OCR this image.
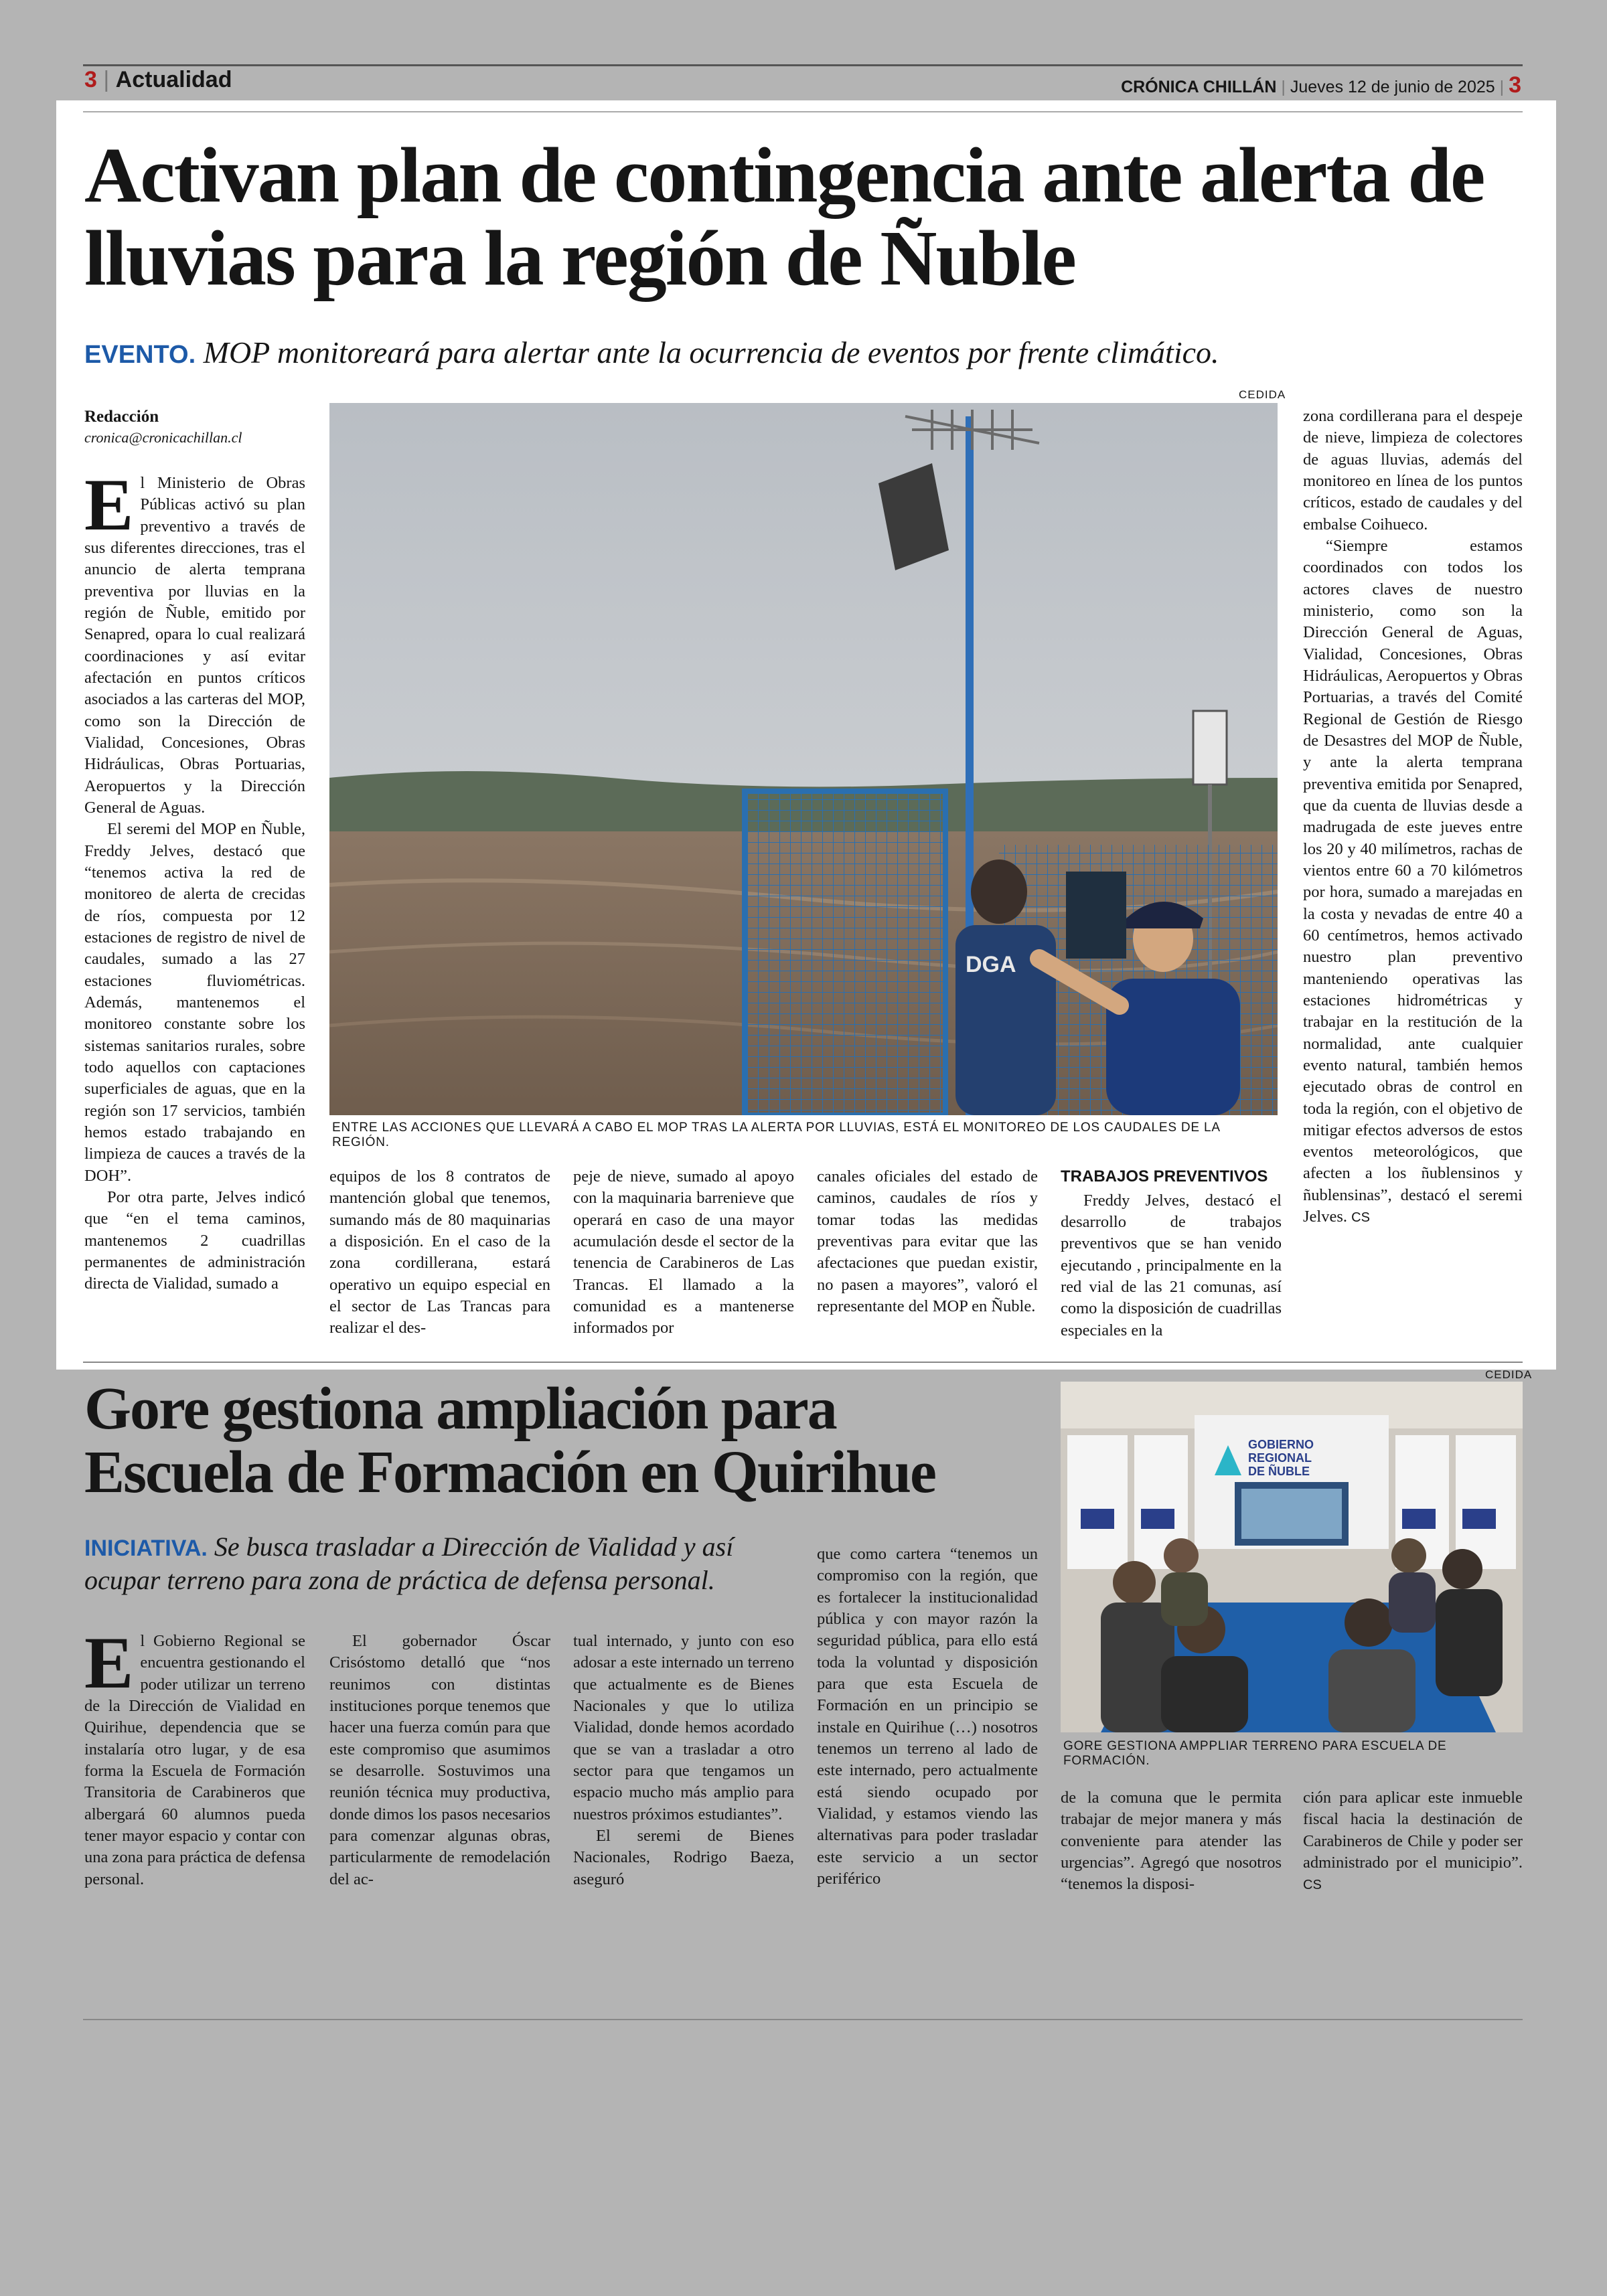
3 | Actualidad	CRÓNICA CHILLÁN | Jueves 12 de junio de 2025 | 3
Activan plan de contingencia ante alerta de lluvias para la región de Ñuble
EVENTO. MOP monitoreará para alertar ante la ocurrencia de eventos por frente climático.
Redacción
cronica@cronicachillan.cl

El Ministerio de Obras Públicas activó su plan preventivo a través de sus diferentes direcciones, tras el anuncio de alerta temprana preventiva por lluvias en la región de Ñuble, emitido por Senapred, opara lo cual realizará coordinaciones y así evitar afectación en puntos críticos asociados a las carteras del MOP, como son la Dirección de Vialidad, Concesiones, Obras Hidráulicas, Obras Portuarias, Aeropuertos y la Dirección General de Aguas.

El seremi del MOP en Ñuble, Freddy Jelves, destacó que “tenemos activa la red de monitoreo de alerta de crecidas de ríos, compuesta por 12 estaciones de registro de nivel de caudales, sumado a las 27 estaciones fluviométricas. Además, mantenemos el monitoreo constante sobre los sistemas sanitarios rurales, sobre todo aquellos con captaciones superficiales de aguas, que en la región son 17 servicios, también hemos estado trabajando en limpieza de cauces a través de la DOH”.

Por otra parte, Jelves indicó que “en el tema caminos, mantenemos 2 cuadrillas permanentes de administración directa de Vialidad, sumado a

CEDIDA
DGA
ENTRE LAS ACCIONES QUE LLEVARÁ A CABO EL MOP TRAS LA ALERTA POR LLUVIAS, ESTÁ EL MONITOREO DE LOS CAUDALES DE LA REGIÓN.

equipos de los 8 contratos de mantención global que tenemos, sumando más de 80 maquinarias a disposición. En el caso de la zona cordillerana, estará operativo un equipo especial en el sector de Las Trancas para realizar el des-

peje de nieve, sumado al apoyo con la maquinaria barrenieve que operará en caso de una mayor acumulación desde el sector de la tenencia de Carabineros de Las Trancas. El llamado a la comunidad es a mantenerse informados por

canales oficiales del estado de caminos, caudales de ríos y tomar todas las medidas preventivas para evitar que las afectaciones que puedan existir, no pasen a mayores”, valoró el representante del MOP en Ñuble.

TRABAJOS PREVENTIVOS

Freddy Jelves, destacó el desarrollo de trabajos preventivos que se han venido ejecutando , principalmente en la red vial de las 21 comunas, así como la disposición de cuadrillas especiales en la

zona cordillerana para el despeje de nieve, limpieza de colectores de aguas lluvias, además del monitoreo en línea de los puntos críticos, estado de caudales y del embalse Coihueco.

“Siempre estamos coordinados con todos los actores claves de nuestro ministerio, como son la Dirección General de Aguas, Vialidad, Concesiones, Obras Hidráulicas, Aeropuertos y Obras Portuarias, a través del Comité Regional de Gestión de Riesgo de Desastres del MOP de Ñuble, y ante la alerta temprana preventiva emitida por Senapred, que da cuenta de lluvias desde a madrugada de este jueves entre los 20 y 40 milímetros, rachas de vientos entre 60 a 70 kilómetros por hora, sumado a marejadas en la costa y nevadas de entre 40 a 60 centímetros, hemos activado nuestro plan preventivo manteniendo operativas las estaciones hidrométricas y trabajar en la restitución de la normalidad, ante cualquier evento natural, también hemos ejecutado obras de control en toda la región, con el objetivo de mitigar efectos adversos de estos eventos meteorológicos, que afecten a los ñublensinos y ñublensinas”, destacó el seremi Jelves. CS

Gore gestiona ampliación para Escuela de Formación en Quirihue
INICIATIVA. Se busca trasladar a Dirección de Vialidad y así ocupar terreno para zona de práctica de defensa personal.

El Gobierno Regional se encuentra gestionando el poder utilizar un terreno de la Dirección de Vialidad en Quirihue, dependencia que se instalaría otro lugar, y de esa forma la Escuela de Formación Transitoria de Carabineros que albergará 60 alumnos pueda tener mayor espacio y contar con una zona para práctica de defensa personal.

El gobernador Óscar Crisóstomo detalló que “nos reunimos con distintas instituciones porque tenemos que hacer una fuerza común para que este compromiso que asumimos se desarrolle. Sostuvimos una reunión técnica muy productiva, donde dimos los pasos necesarios para comenzar algunas obras, particularmente de remodelación del ac-

tual internado, y junto con eso adosar a este internado un terreno que actualmente es de Bienes Nacionales y que lo utiliza Vialidad, donde hemos acordado que se van a trasladar a otro sector para que tengamos un espacio mucho más amplio para nuestros próximos estudiantes”.

El seremi de Bienes Nacionales, Rodrigo Baeza, aseguró

que como cartera “tenemos un compromiso con la región, que es fortalecer la institucionalidad pública y con mayor razón la seguridad pública, para ello está toda la voluntad y disposición para que esta Escuela de Formación en un principio se instale en Quirihue (…) nosotros tenemos un terreno al lado de este internado, pero actualmente está siendo ocupado por Vialidad, y estamos viendo las alternativas para poder trasladar este servicio a un sector periférico

de la comuna que le permita trabajar de mejor manera y más conveniente para atender las urgencias”. Agregó que nosotros “tenemos la disposi-

ción para aplicar este inmueble fiscal hacia la destinación de Carabineros de Chile y poder ser administrado por el municipio”. CS

CEDIDA
GOBIERNO
REGIONAL
DE ÑUBLE
GORE GESTIONA AMPPLIAR TERRENO PARA ESCUELA DE FORMACIÓN.
